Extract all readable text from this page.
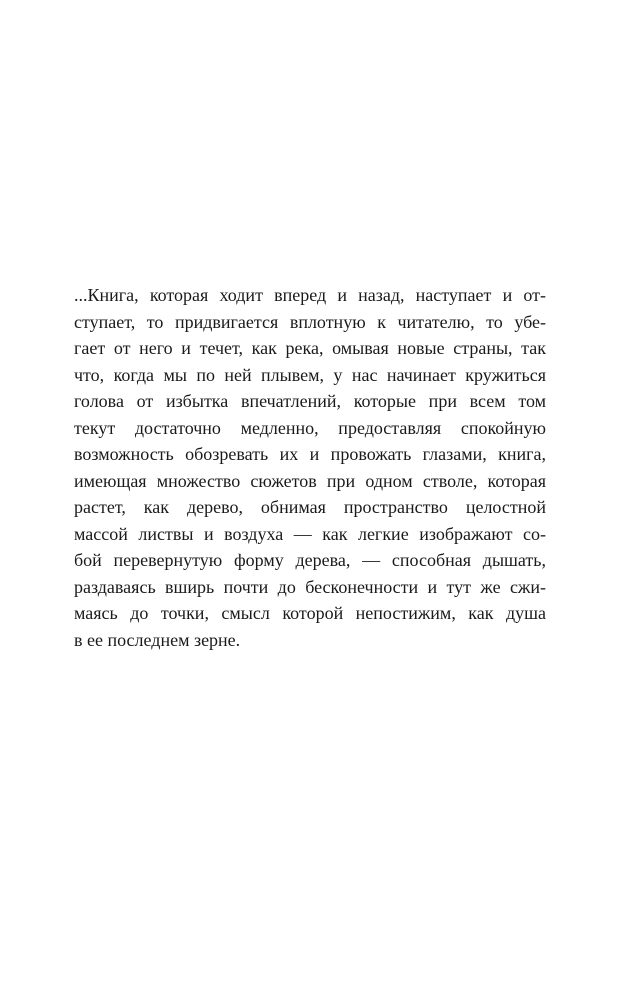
...Книга, которая ходит вперед и назад, наступает и от-
ступает, то придвигается вплотную к читателю, то убе-
гает от него и течет, как река, омывая новые страны, так
что, когда мы по ней плывем, у нас начинает кружиться
голова от избытка впечатлений, которые при всем том
текут достаточно медленно, предоставляя спокойную
возможность обозревать их и провожать глазами, книга,
имеющая множество сюжетов при одном стволе, которая
растет, как дерево, обнимая пространство целостной
массой листвы и воздуха — как легкие изображают со-
бой перевернутую форму дерева, — способная дышать,
раздаваясь вширь почти до бесконечности и тут же сжи-
маясь до точки, смысл которой непостижим, как душа
в ее последнем зерне.
